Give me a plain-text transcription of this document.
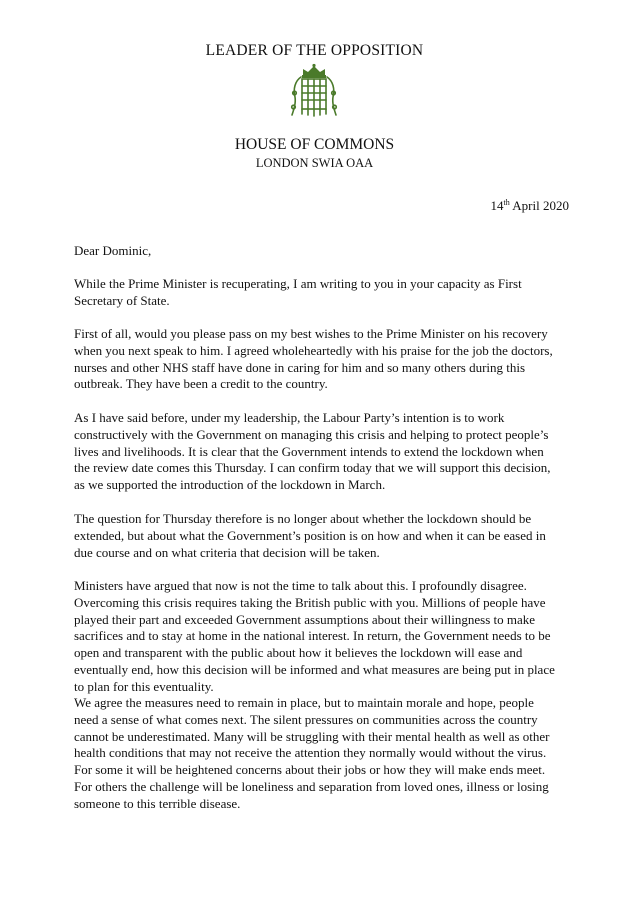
LEADER OF THE OPPOSITION
HOUSE OF COMMONS
LONDON SWIA OAA
14th April 2020

Dear Dominic,

While the Prime Minister is recuperating, I am writing to you in your capacity as First
Secretary of State.

First of all, would you please pass on my best wishes to the Prime Minister on his recovery
when you next speak to him. I agreed wholeheartedly with his praise for the job the doctors,
nurses and other NHS staff have done in caring for him and so many others during this
outbreak. They have been a credit to the country.

As I have said before, under my leadership, the Labour Party’s intention is to work
constructively with the Government on managing this crisis and helping to protect people’s
lives and livelihoods. It is clear that the Government intends to extend the lockdown when
the review date comes this Thursday. I can confirm today that we will support this decision,
as we supported the introduction of the lockdown in March.

The question for Thursday therefore is no longer about whether the lockdown should be
extended, but about what the Government’s position is on how and when it can be eased in
due course and on what criteria that decision will be taken.

Ministers have argued that now is not the time to talk about this. I profoundly disagree.
Overcoming this crisis requires taking the British public with you. Millions of people have
played their part and exceeded Government assumptions about their willingness to make
sacrifices and to stay at home in the national interest. In return, the Government needs to be
open and transparent with the public about how it believes the lockdown will ease and
eventually end, how this decision will be informed and what measures are being put in place
to plan for this eventuality.

We agree the measures need to remain in place, but to maintain morale and hope, people
need a sense of what comes next. The silent pressures on communities across the country
cannot be underestimated. Many will be struggling with their mental health as well as other
health conditions that may not receive the attention they normally would without the virus.
For some it will be heightened concerns about their jobs or how they will make ends meet.
For others the challenge will be loneliness and separation from loved ones, illness or losing
someone to this terrible disease.
